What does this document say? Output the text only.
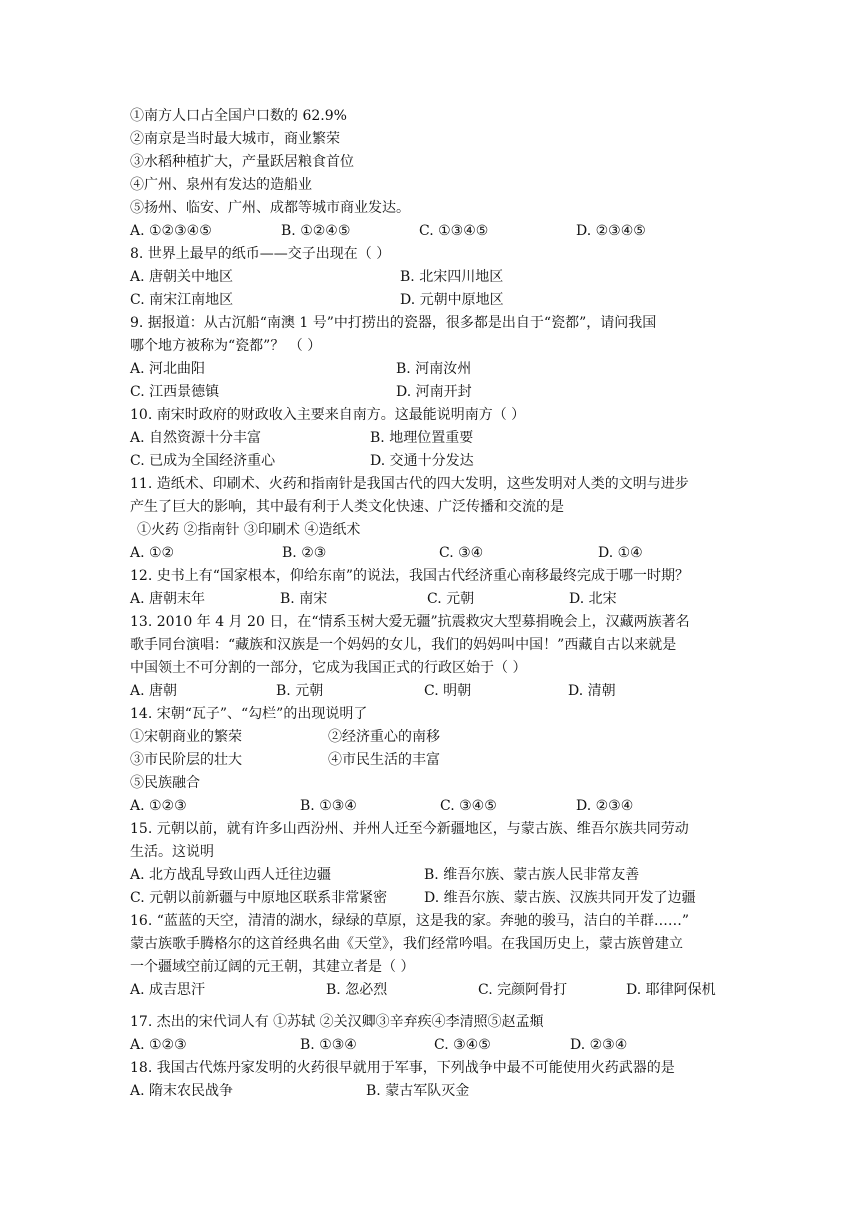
①南方人口占全国户口数的 62.9%
②南京是当时最大城市，商业繁荣
③水稻种植扩大，产量跃居粮食首位
④广州、泉州有发达的造船业
⑤扬州、临安、广州、成都等城市商业发达。
A. ①②③④⑤	B. ①②④⑤	C. ①③④⑤	D. ②③④⑤
8. 世界上最早的纸币——交子出现在（ ）
A. 唐朝关中地区	B. 北宋四川地区
C. 南宋江南地区	D. 元朝中原地区
9. 据报道：从古沉船“南澳 1 号”中打捞出的瓷器，很多都是出自于“瓷都”，请问我国
哪个地方被称为“瓷都”？ （ ）
A. 河北曲阳	B. 河南汝州
C. 江西景德镇	D. 河南开封
10. 南宋时政府的财政收入主要来自南方。这最能说明南方（ ）
A. 自然资源十分丰富	B. 地理位置重要
C. 已成为全国经济重心	D. 交通十分发达
11. 造纸术、印刷术、火药和指南针是我国古代的四大发明，这些发明对人类的文明与进步
产生了巨大的影响，其中最有利于人类文化快速、广泛传播和交流的是
①火药 ②指南针 ③印刷术 ④造纸术
A. ①②	B. ②③	C. ③④	D. ①④
12. 史书上有“国家根本，仰给东南”的说法，我国古代经济重心南移最终完成于哪一时期？
A. 唐朝末年	B. 南宋	C. 元朝	D. 北宋
13. 2010 年 4 月 20 日，在“情系玉树大爱无疆”抗震救灾大型募捐晚会上，汉藏两族著名
歌手同台演唱：“藏族和汉族是一个妈妈的女儿，我们的妈妈叫中国！”西藏自古以来就是
中国领土不可分割的一部分，它成为我国正式的行政区始于（ ）
A. 唐朝	B. 元朝	C. 明朝	D. 清朝
14. 宋朝“瓦子”、“勾栏”的出现说明了
①宋朝商业的繁荣	②经济重心的南移
③市民阶层的壮大	④市民生活的丰富
⑤民族融合
A. ①②③	B. ①③④	C. ③④⑤	D. ②③④
15. 元朝以前，就有许多山西汾州、并州人迁至今新疆地区，与蒙古族、维吾尔族共同劳动
生活。这说明
A. 北方战乱导致山西人迁往边疆	B. 维吾尔族、蒙古族人民非常友善
C. 元朝以前新疆与中原地区联系非常紧密	D. 维吾尔族、蒙古族、汉族共同开发了边疆
16. “蓝蓝的天空，清清的湖水，绿绿的草原，这是我的家。奔驰的骏马，洁白的羊群……”
蒙古族歌手腾格尔的这首经典名曲《天堂》，我们经常吟唱。在我国历史上，蒙古族曾建立
一个疆域空前辽阔的元王朝，其建立者是（ ）
A. 成吉思汗	B. 忽必烈	C. 完颜阿骨打	D. 耶律阿保机
17. 杰出的宋代词人有 ①苏轼 ②关汉卿③辛弃疾④李清照⑤赵孟頫
A. ①②③	B. ①③④	C. ③④⑤	D. ②③④
18. 我国古代炼丹家发明的火药很早就用于军事，下列战争中最不可能使用火药武器的是
A. 隋末农民战争	B. 蒙古军队灭金
